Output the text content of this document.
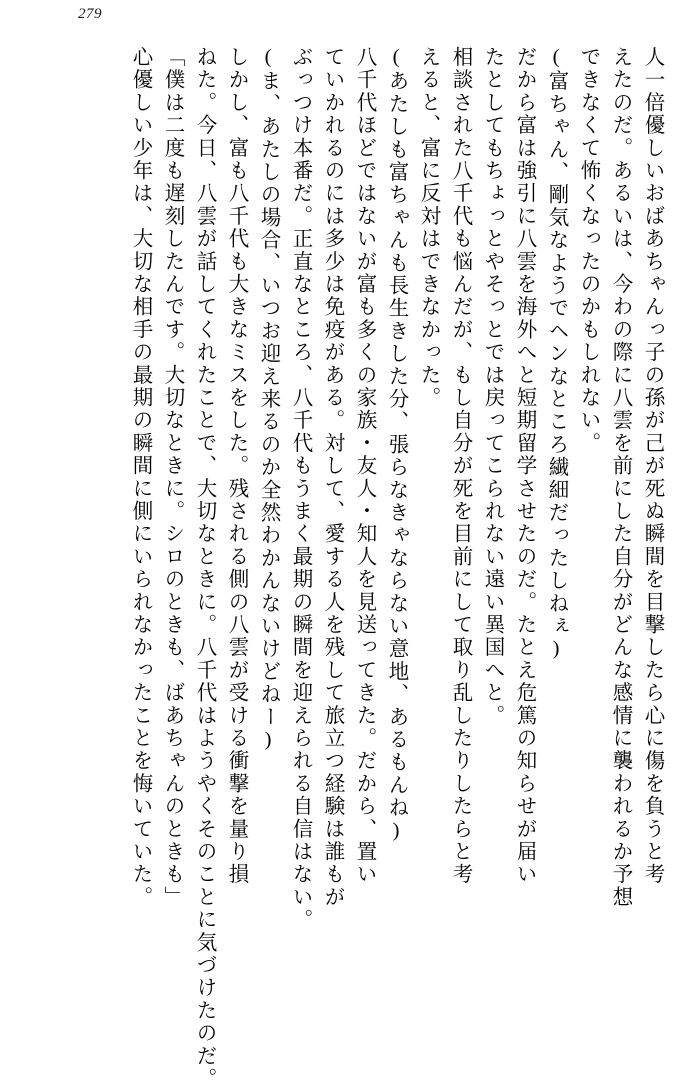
279
人一倍優しいおばあちゃんっ子の孫が己が死ぬ瞬間を目撃したら心に傷を負うと考
えたのだ。あるいは、今わの際に八雲を前にした自分がどんな感情に襲われるか予想
できなくて怖くなったのかもしれない。
(富ちゃん、剛気なようでヘンなところ繊細だったしねぇ)
だから富は強引に八雲を海外へと短期留学させたのだ。たとえ危篤の知らせが届い
たとしてもちょっとやそっとでは戻ってこられない遠い異国へと。
相談された八千代も悩んだが、もし自分が死を目前にして取り乱したりしたらと考
えると、富に反対はできなかった。
(あたしも富ちゃんも長生きした分、張らなきゃならない意地、あるもんね)
八千代ほどではないが富も多くの家族・友人・知人を見送ってきた。だから、置い
ていかれるのには多少は免疫がある。対して、愛する人を残して旅立つ経験は誰もが
ぶっつけ本番だ。正直なところ、八千代もうまく最期の瞬間を迎えられる自信はない。
(ま、あたしの場合、いつお迎え来るのか全然わかんないけどねー)
しかし、富も八千代も大きなミスをした。残される側の八雲が受ける衝撃を量り損
ねた。今日、八雲が話してくれたことで、大切なときに。八千代はようやくそのことに気づけたのだ。
「僕は二度も遅刻したんです。大切なときに。シロのときも、ばあちゃんのときも」
心優しい少年は、大切な相手の最期の瞬間に側にいられなかったことを悔いていた。
